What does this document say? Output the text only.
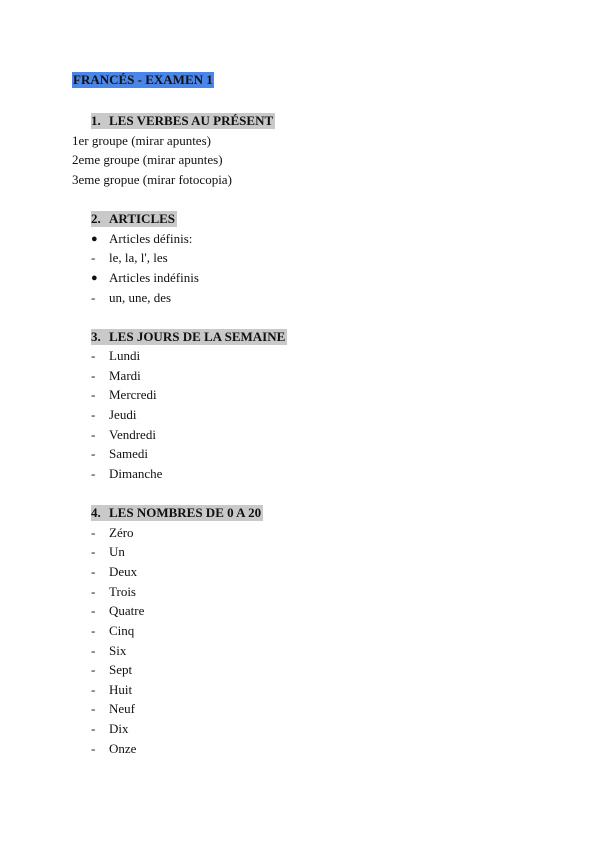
FRANCÉS - EXAMEN 1
1. LES VERBES AU PRÉSENT
1er groupe (mirar apuntes)
2eme groupe (mirar apuntes)
3eme gropue (mirar fotocopia)
2. ARTICLES
● Articles définis:
-	le, la, l', les
● Articles indéfinis
-	un, une, des
3. LES JOURS DE LA SEMAINE
-	Lundi
-	Mardi
-	Mercredi
-	Jeudi
-	Vendredi
-	Samedi
-	Dimanche
4. LES NOMBRES DE 0 A 20
-	Zéro
-	Un
-	Deux
-	Trois
-	Quatre
-	Cinq
-	Six
-	Sept
-	Huit
-	Neuf
-	Dix
-	Onze
